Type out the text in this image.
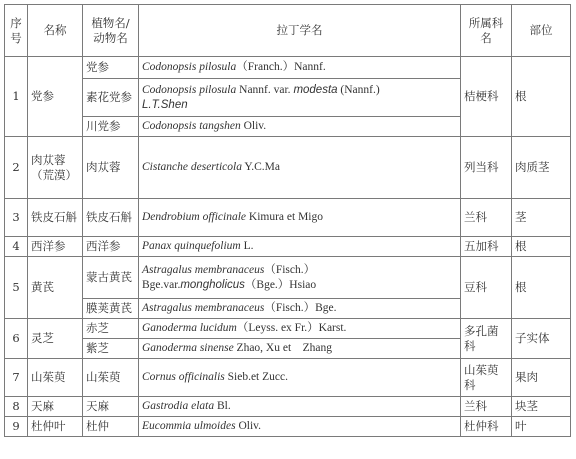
序号	名称	植物名/动物名	拉丁学名	所属科名	部位
1	党参	党参	Codonopsis pilosula（Franch.）Nannf.	桔梗科	根
		素花党参	Codonopsis pilosula Nannf. var. modesta (Nannf.)
L.T.Shen		
		川党参	Codonopsis tangshen Oliv.		
2	肉苁蓉（荒漠）	肉苁蓉	Cistanche deserticola Y.C.Ma	列当科	肉质茎
3	铁皮石斛	铁皮石斛	Dendrobium officinale Kimura et Migo	兰科	茎
4	西洋参	西洋参	Panax quinquefolium L.	五加科	根
5	黄芪	蒙古黄芪	Astragalus membranaceus（Fisch.）
Bge.var.mongholicus（Bge.）Hsiao	豆科	根
		膜荚黄芪	Astragalus membranaceus（Fisch.）Bge.		
6	灵芝	赤芝	Ganoderma lucidum（Leyss. ex Fr.）Karst.	多孔菌科	子实体
		紫芝	Ganoderma sinense Zhao, Xu et　Zhang		
7	山茱萸	山茱萸	Cornus officinalis Sieb.et Zucc.	山茱萸科	果肉
8	天麻	天麻	Gastrodia elata Bl.	兰科	块茎
9	杜仲叶	杜仲	Eucommia ulmoides Oliv.	杜仲科	叶
